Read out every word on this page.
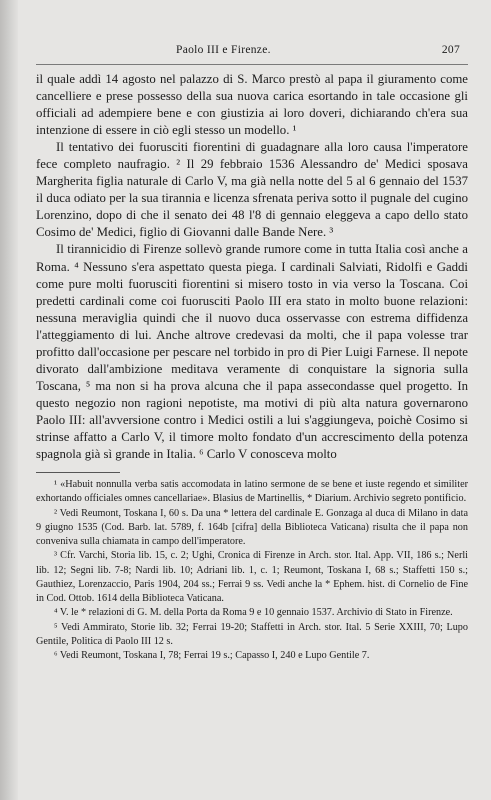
Paolo III e Firenze.	207

il quale addì 14 agosto nel palazzo di S. Marco prestò al papa il giuramento come cancelliere e prese possesso della sua nuova carica esortando in tale occasione gli officiali ad adempiere bene e con giustizia ai loro doveri, dichiarando ch'era sua intenzione di essere in ciò egli stesso un modello. ¹

Il tentativo dei fuorusciti fiorentini di guadagnare alla loro causa l'imperatore fece completo naufragio. ² Il 29 febbraio 1536 Alessandro de' Medici sposava Margherita figlia naturale di Carlo V, ma già nella notte del 5 al 6 gennaio del 1537 il duca odiato per la sua tirannia e licenza sfrenata periva sotto il pugnale del cugino Lorenzino, dopo di che il senato dei 48 l'8 di gennaio eleggeva a capo dello stato Cosimo de' Medici, figlio di Giovanni dalle Bande Nere. ³

Il tirannicidio di Firenze sollevò grande rumore come in tutta Italia così anche a Roma. ⁴ Nessuno s'era aspettato questa piega. I cardinali Salviati, Ridolfi e Gaddi come pure molti fuorusciti fiorentini si misero tosto in via verso la Toscana. Coi predetti cardinali come coi fuorusciti Paolo III era stato in molto buone relazioni: nessuna meraviglia quindi che il nuovo duca osservasse con estrema diffidenza l'atteggiamento di lui. Anche altrove credevasi da molti, che il papa volesse trar profitto dall'occasione per pescare nel torbido in pro di Pier Luigi Farnese. Il nepote divorato dall'ambizione meditava veramente di conquistare la signoria sulla Toscana, ⁵ ma non si ha prova alcuna che il papa assecondasse quel progetto. In questo negozio non ragioni nepotiste, ma motivi di più alta natura governarono Paolo III: all'avversione contro i Medici ostili a lui s'aggiungeva, poichè Cosimo si strinse affatto a Carlo V, il timore molto fondato d'un accrescimento della potenza spagnola già sì grande in Italia. ⁶ Carlo V conosceva molto

¹ «Habuit nonnulla verba satis accomodata in latino sermone de se bene et iuste regendo et similiter exhortando officiales omnes cancellariae». Blasius de Martinellis, * Diarium. Archivio segreto pontificio.

² Vedi Reumont, Toskana I, 60 s. Da una * lettera del cardinale E. Gonzaga al duca di Milano in data 9 giugno 1535 (Cod. Barb. lat. 5789, f. 164b [cifra] della Biblioteca Vaticana) risulta che il papa non conveniva sulla chiamata in campo dell'imperatore.

³ Cfr. Varchi, Storia lib. 15, c. 2; Ughi, Cronica di Firenze in Arch. stor. Ital. App. VII, 186 s.; Nerli lib. 12; Segni lib. 7-8; Nardi lib. 10; Adriani lib. 1, c. 1; Reumont, Toskana I, 68 s.; Staffetti 150 s.; Gauthiez, Lorenzaccio, Paris 1904, 204 ss.; Ferrai 9 ss. Vedi anche la * Ephem. hist. di Cornelio de Fine in Cod. Ottob. 1614 della Biblioteca Vaticana.

⁴ V. le * relazioni di G. M. della Porta da Roma 9 e 10 gennaio 1537. Archivio di Stato in Firenze.

⁵ Vedi Ammirato, Storie lib. 32; Ferrai 19-20; Staffetti in Arch. stor. Ital. 5 Serie XXIII, 70; Lupo Gentile, Politica di Paolo III 12 s.

⁶ Vedi Reumont, Toskana I, 78; Ferrai 19 s.; Capasso I, 240 e Lupo Gentile 7.
